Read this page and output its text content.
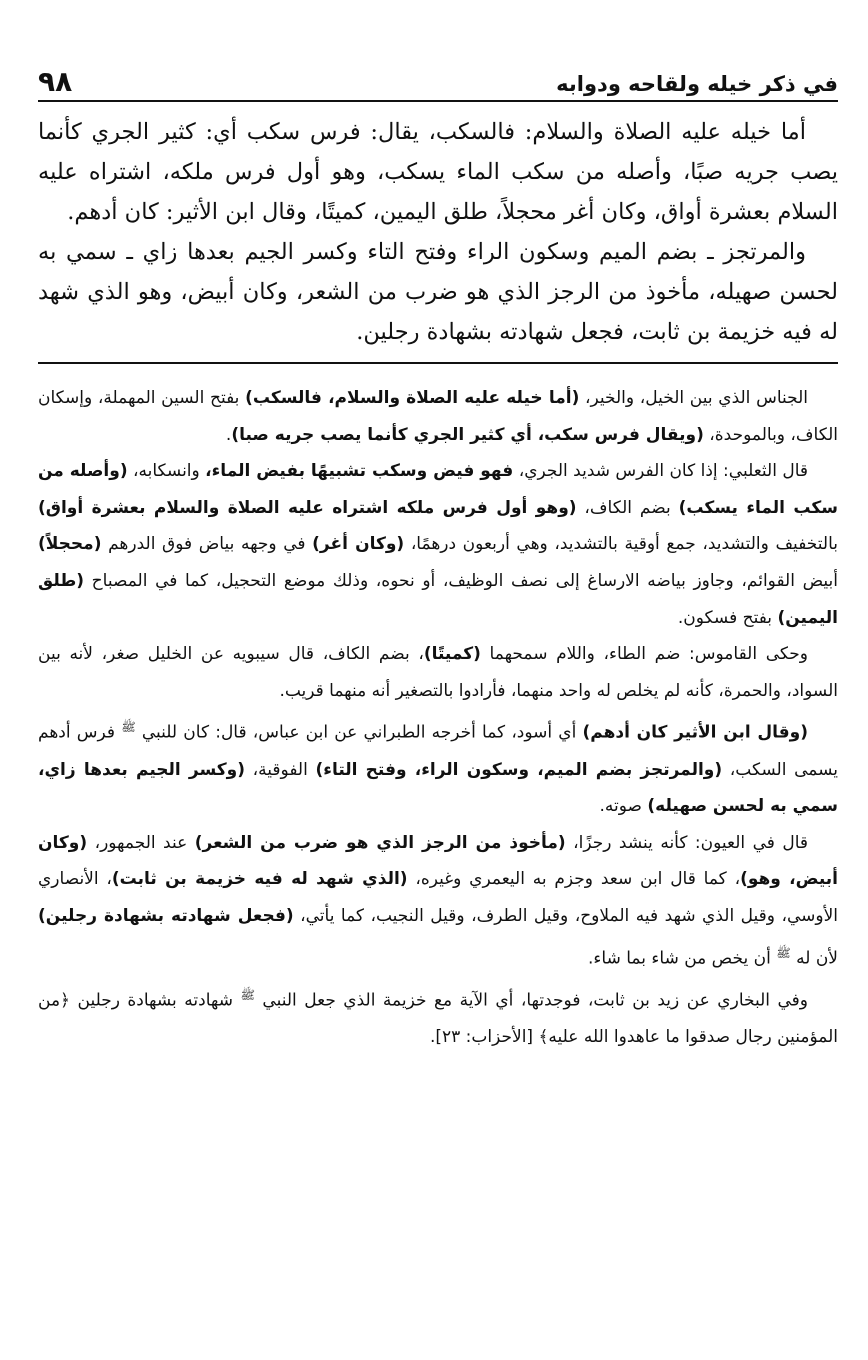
في ذكر خيله ولقاحه ودوابه
٩٨

أما خيله عليه الصلاة والسلام: فالسكب، يقال: فرس سكب أي: كثير الجري كأنما يصب جريه صبًا، وأصله من سكب الماء يسكب، وهو أول فرس ملكه، اشتراه عليه السلام بعشرة أواق، وكان أغر محجلاً، طلق اليمين، كميتًا، وقال ابن الأثير: كان أدهم.

والمرتجز ـ بضم الميم وسكون الراء وفتح التاء وكسر الجيم بعدها زاي ـ سمي به لحسن صهيله، مأخوذ من الرجز الذي هو ضرب من الشعر، وكان أبيض، وهو الذي شهد له فيه خزيمة بن ثابت، فجعل شهادته بشهادة رجلين.

الجناس الذي بين الخيل، والخير، (أما خيله عليه الصلاة والسلام، فالسكب) بفتح السين المهملة، وإسكان الكاف، وبالموحدة، (ويقال فرس سكب، أي كثير الجري كأنما يصب جريه صبا).

قال الثعلبي: إذا كان الفرس شديد الجري، فهو فيض وسكب تشبيهًا بفيض الماء، وانسكابه، (وأصله من سكب الماء يسكب) بضم الكاف، (وهو أول فرس ملكه اشتراه عليه الصلاة والسلام بعشرة أواق) بالتخفيف والتشديد، جمع أوقية بالتشديد، وهي أربعون درهمًا، (وكان أغر) في وجهه بياض فوق الدرهم (محجلاً) أبيض القوائم، وجاوز بياضه الارساغ إلى نصف الوظيف، أو نحوه، وذلك موضع التحجيل، كما في المصباح (طلق اليمين) بفتح فسكون.

وحكى القاموس: ضم الطاء، واللام سمحهما (كميتًا)، بضم الكاف، قال سيبويه عن الخليل صغر، لأنه بين السواد، والحمرة، كأنه لم يخلص له واحد منهما، فأرادوا بالتصغير أنه منهما قريب.

(وقال ابن الأثير كان أدهم) أي أسود، كما أخرجه الطبراني عن ابن عباس، قال: كان للنبي $^ﷺ$ فرس أدهم يسمى السكب، (والمرتجز بضم الميم، وسكون الراء، وفتح التاء) الفوقية، (وكسر الجيم بعدها زاي، سمي به لحسن صهيله) صوته.

قال في العيون: كأنه ينشد رجزًا، (مأخوذ من الرجز الذي هو ضرب من الشعر) عند الجمهور، (وكان أبيض، وهو)، كما قال ابن سعد وجزم به اليعمري وغيره، (الذي شهد له فيه خزيمة بن ثابت)، الأنصاري الأوسي، وقيل الذي شهد فيه الملاوح، وقيل الطرف، وقيل النجيب، كما يأتي، (فجعل شهادته بشهادة رجلين) لأن له $^ﷺ$ أن يخص من شاء بما شاء.

وفي البخاري عن زيد بن ثابت، فوجدتها، أي الآية مع خزيمة الذي جعل النبي $^ﷺ$ شهادته بشهادة رجلين ﴿من المؤمنين رجال صدقوا ما عاهدوا الله عليه﴾ [الأحزاب: ٢٣].
